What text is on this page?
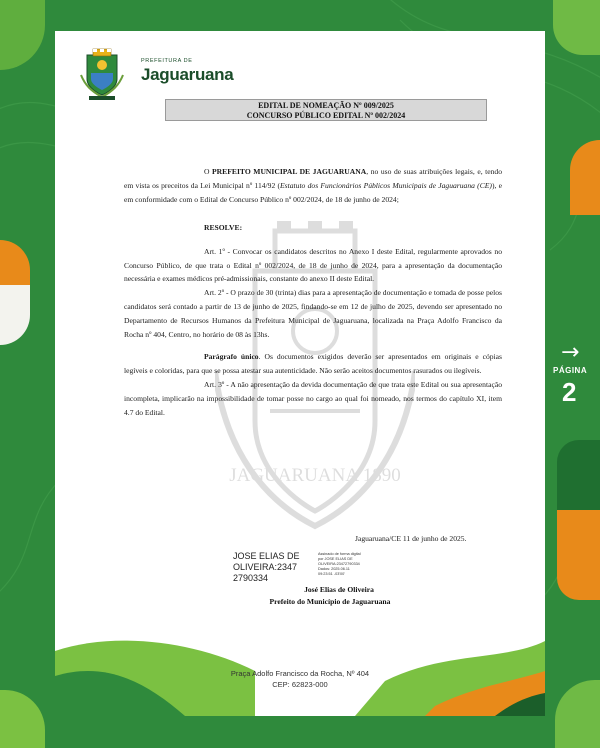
PREFEITURA DE
Jaguaruana
EDITAL DE NOMEAÇÃO Nº 009/2025
CONCURSO PÚBLICO EDITAL Nº 002/2024
JAGUARUANA 1890

O PREFEITO MUNICIPAL DE JAGUARUANA, no uso de suas atribuições legais, e, tendo em vista os preceitos da Lei Municipal nº 114/92 (Estatuto dos Funcionários Públicos Municipais de Jaguaruana (CE)), e em conformidade com o Edital de Concurso Público nº 002/2024, de 18 de junho de 2024;

RESOLVE:

Art. 1º - Convocar os candidatos descritos no Anexo I deste Edital, regularmente aprovados no Concurso Público, de que trata o Edital nº 002/2024, de 18 de junho de 2024, para a apresentação da documentação necessária e exames médicos pré-admissionais, constante do anexo II deste Edital.

Art. 2º - O prazo de 30 (trinta) dias para a apresentação de documentação e tomada de posse pelos candidatos será contado a partir de 13 de junho de 2025, findando-se em 12 de julho de 2025, devendo ser apresentado no Departamento de Recursos Humanos da Prefeitura Municipal de Jaguaruana, localizada na Praça Adolfo Francisco da Rocha nº 404, Centro, no horário de 08 às 13hs.

Parágrafo único. Os documentos exigidos deverão ser apresentados em originais e cópias legíveis e coloridas, para que se possa atestar sua autenticidade. Não serão aceitos documentos rasurados ou ilegíveis.

Art. 3º - A não apresentação da devida documentação de que trata este Edital ou sua apresentação incompleta, implicarão na impossibilidade de tomar posse no cargo ao qual foi nomeado, nos termos do capítulo XI, item 4.7 do Edital.

Jaguaruana/CE 11 de junho de 2025.
JOSE ELIAS DE
OLIVEIRA:2347
2790334
Assinado de forma digital
por JOSE ELIAS DE
OLIVEIRA:23472790334
Dados: 2025.06.11
09:23:51 -03'00'
José Elias de Oliveira
Prefeito do Município de Jaguaruana
Praça Adolfo Francisco da Rocha, Nº 404
CEP: 62823-000
→
PÁGINA
2
